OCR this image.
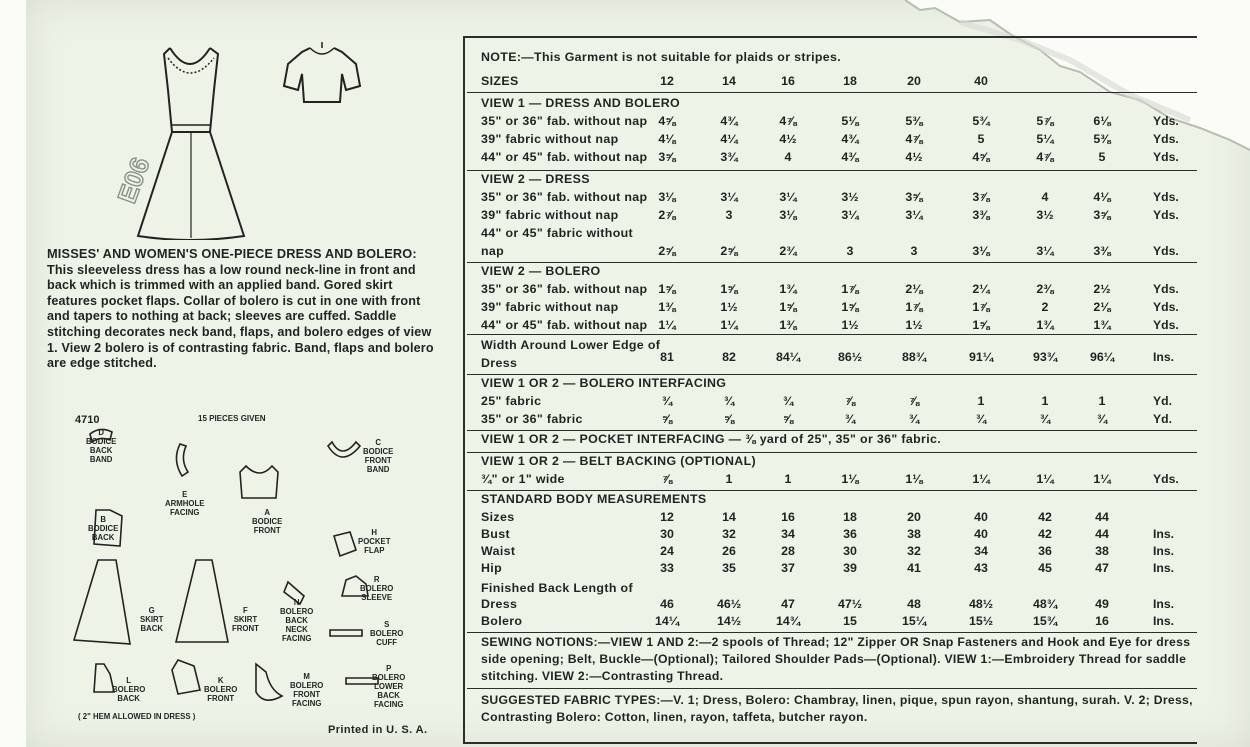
E06
MISSES' AND WOMEN'S ONE-PIECE DRESS AND BOLERO: This sleeveless dress has a low round neck-line in front and back which is trimmed with an applied band. Gored skirt features pocket flaps. Collar of bolero is cut in one with front and tapers to nothing at back; sleeves are cuffed. Saddle stitching decorates neck band, flaps, and bolero edges of view 1. View 2 bolero is of contrasting fabric. Band, flaps and bolero are edge stitched.
4710	15 PIECES GIVEN
D
BODICE
BACK
BAND
E
ARMHOLE
FACING
C
BODICE
FRONT
BAND
B
BODICE
BACK
A
BODICE
FRONT	H
POCKET
FLAP
R
BOLERO
SLEEVE
G
SKIRT
BACK
F
SKIRT
FRONT
N
BOLERO
BACK
NECK
FACING
S
BOLERO
CUFF
L
BOLERO
BACK
K
BOLERO
FRONT
M
BOLERO
FRONT
FACING
P
BOLERO
LOWER
BACK
FACING
( 2" HEM ALLOWED IN DRESS )
Printed in U. S. A.
NOTE:—This Garment is not suitable for plaids or stripes.
SIZES	12	14	16	18	20	40
VIEW 1 — DRESS AND BOLERO
35" or 36" fab. without nap 4⅝	4¾	4⅞	5⅛	5⅜	5¾	5⅞	6⅛	Yds.
39" fabric without nap	4⅛	4¼	4½	4¾	4⅞	5	5¼	5⅜	Yds.
44" or 45" fab. without nap 3⅝	3¾	4	4⅜	4½	4⅝	4⅞	5	Yds.
VIEW 2 — DRESS
35" or 36" fab. without nap 3⅛	3¼	3¼	3½	3⅝	3⅞	4	4⅛	Yds.
39" fabric without nap	2⅞	3	3⅛	3¼	3¼	3⅜	3½	3⅝	Yds.
44" or 45" fabric without
nap	2⅝	2⅝	2¾	3	3	3⅛	3¼	3⅜	Yds.
VIEW 2 — BOLERO
35" or 36" fab. without nap 1⅝	1⅝	1¾	1⅞	2⅛	2¼	2⅜	2½	Yds.
39" fabric without nap	1⅜	1½	1⅝	1⅝	1⅞	1⅞	2	2⅛	Yds.
44" or 45" fab. without nap 1¼	1¼	1⅜	1½	1½	1⅝	1¾	1¾	Yds.
Width Around Lower Edge of
Dress	81	82	84¼	86½	88¾	91¼	93¾	96¼	Ins.
VIEW 1 OR 2 — BOLERO INTERFACING
25" fabric	¾	¾	¾	⅞	⅞	1	1	1	Yd.
35" or 36" fabric	⅝	⅝	⅝	¾	¾	¾	¾	¾	Yd.
VIEW 1 OR 2 — POCKET INTERFACING — ⅜ yard of 25", 35" or 36" fabric.
VIEW 1 OR 2 — BELT BACKING (OPTIONAL)
¾" or 1" wide	⅞	1	1	1⅛	1⅛	1¼	1¼	1¼	Yds.
STANDARD BODY MEASUREMENTS
Sizes	12	14	16	18	20	40	42	44
Bust	30	32	34	36	38	40	42	44	Ins.
Waist	24	26	28	30	32	34	36	38	Ins.
Hip	33	35	37	39	41	43	45	47	Ins.
Finished Back Length of
Dress	46	46½	47	47½	48	48½	48¾	49	Ins.
Bolero	14¼	14½	14¾	15	15¼	15½	15¾	16	Ins.
SEWING NOTIONS:—VIEW 1 AND 2:—2 spools of Thread; 12" Zipper OR Snap Fasteners and Hook and Eye for dress side opening; Belt, Buckle—(Optional); Tailored Shoulder Pads—(Optional). VIEW 1:—Embroidery Thread for saddle stitching. VIEW 2:—Contrasting Thread.
SUGGESTED FABRIC TYPES:—V. 1; Dress, Bolero: Chambray, linen, pique, spun rayon, shantung, surah. V. 2; Dress, Contrasting Bolero: Cotton, linen, rayon, taffeta, butcher rayon.
